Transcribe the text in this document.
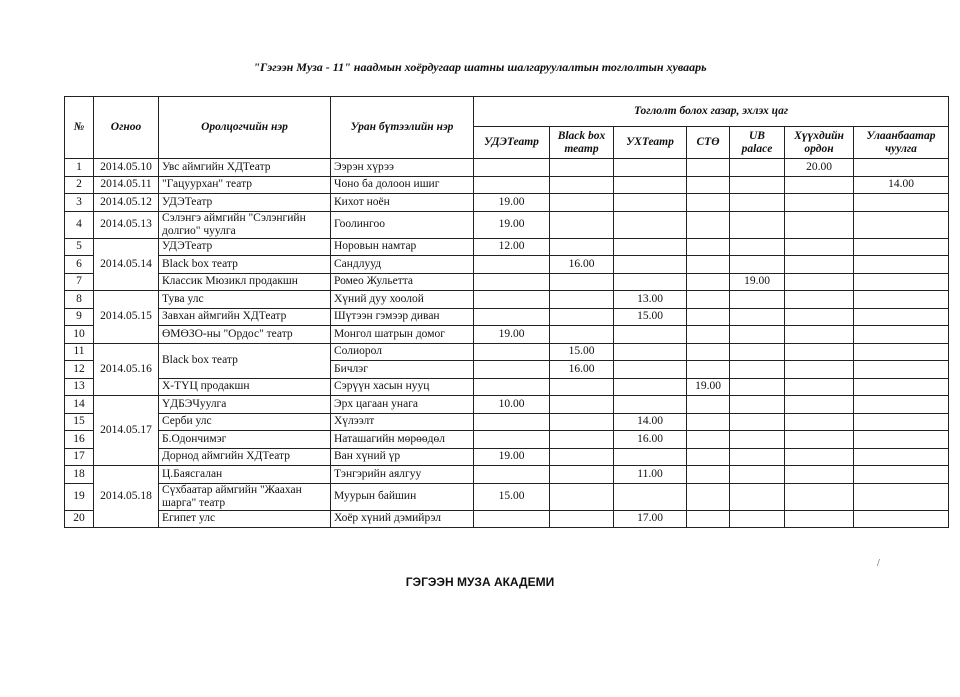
"Гэгээн Муза - 11" наадмын хоёрдугаар шатны шалгаруулалтын тоглолтын хуваарь
№	Огноо	Оролцогчийн нэр	Уран бүтээлийн нэр	Тоглолт болох газар, эхлэх цаг						
				УДЭТеатр	Black box театр	УХТеатр	СТӨ	UB palace	Хүүхдийн ордон	Улаанбаатар чуулга
1	2014.05.10	Увс аймгийн ХДТеатр	Ээрэн хүрээ						20.00	
2	2014.05.11	"Гацуурхан" театр	Чоно ба долоон ишиг							14.00
3	2014.05.12	УДЭТеатр	Кихот ноён	19.00						
4	2014.05.13	Сэлэнгэ аймгийн "Сэлэнгийн долгио" чуулга	Гоолингоо	19.00						
5	2014.05.14	УДЭТеатр	Норовын намтар	12.00						
6		Black box театр	Сандлууд		16.00					
7		Классик Мюзикл продакшн	Ромео Жульетта					19.00		
8	2014.05.15	Тува улс	Хүний дуу хоолой			13.00				
9		Завхан аймгийн ХДТеатр	Шүтээн гэмээр диван			15.00				
10		ӨМӨЗО-ны "Ордос" театр	Монгол шатрын домог	19.00						
11	2014.05.16	Black box театр	Солиорол		15.00					
12			Бичлэг		16.00					
13		Х-ТҮЦ продакшн	Сэрүүн хасын нууц				19.00			
14	2014.05.17	ҮДБЭЧуулга	Эрх цагаан унага	10.00						
15		Серби улс	Хүлээлт			14.00				
16		Б.Одончимэг	Наташагийн мөрөөдөл			16.00				
17		Дорнод аймгийн ХДТеатр	Ван хүний үр	19.00						
18	2014.05.18	Ц.Баясгалан	Тэнгэрийн аялгуу			11.00				
19		Сүхбаатар аймгийн "Жаахан шарга" театр	Муурын байшин	15.00						
20		Египет улс	Хоёр хүний дэмийрэл			17.00				
/
ГЭГЭЭН МУЗА АКАДЕМИ
